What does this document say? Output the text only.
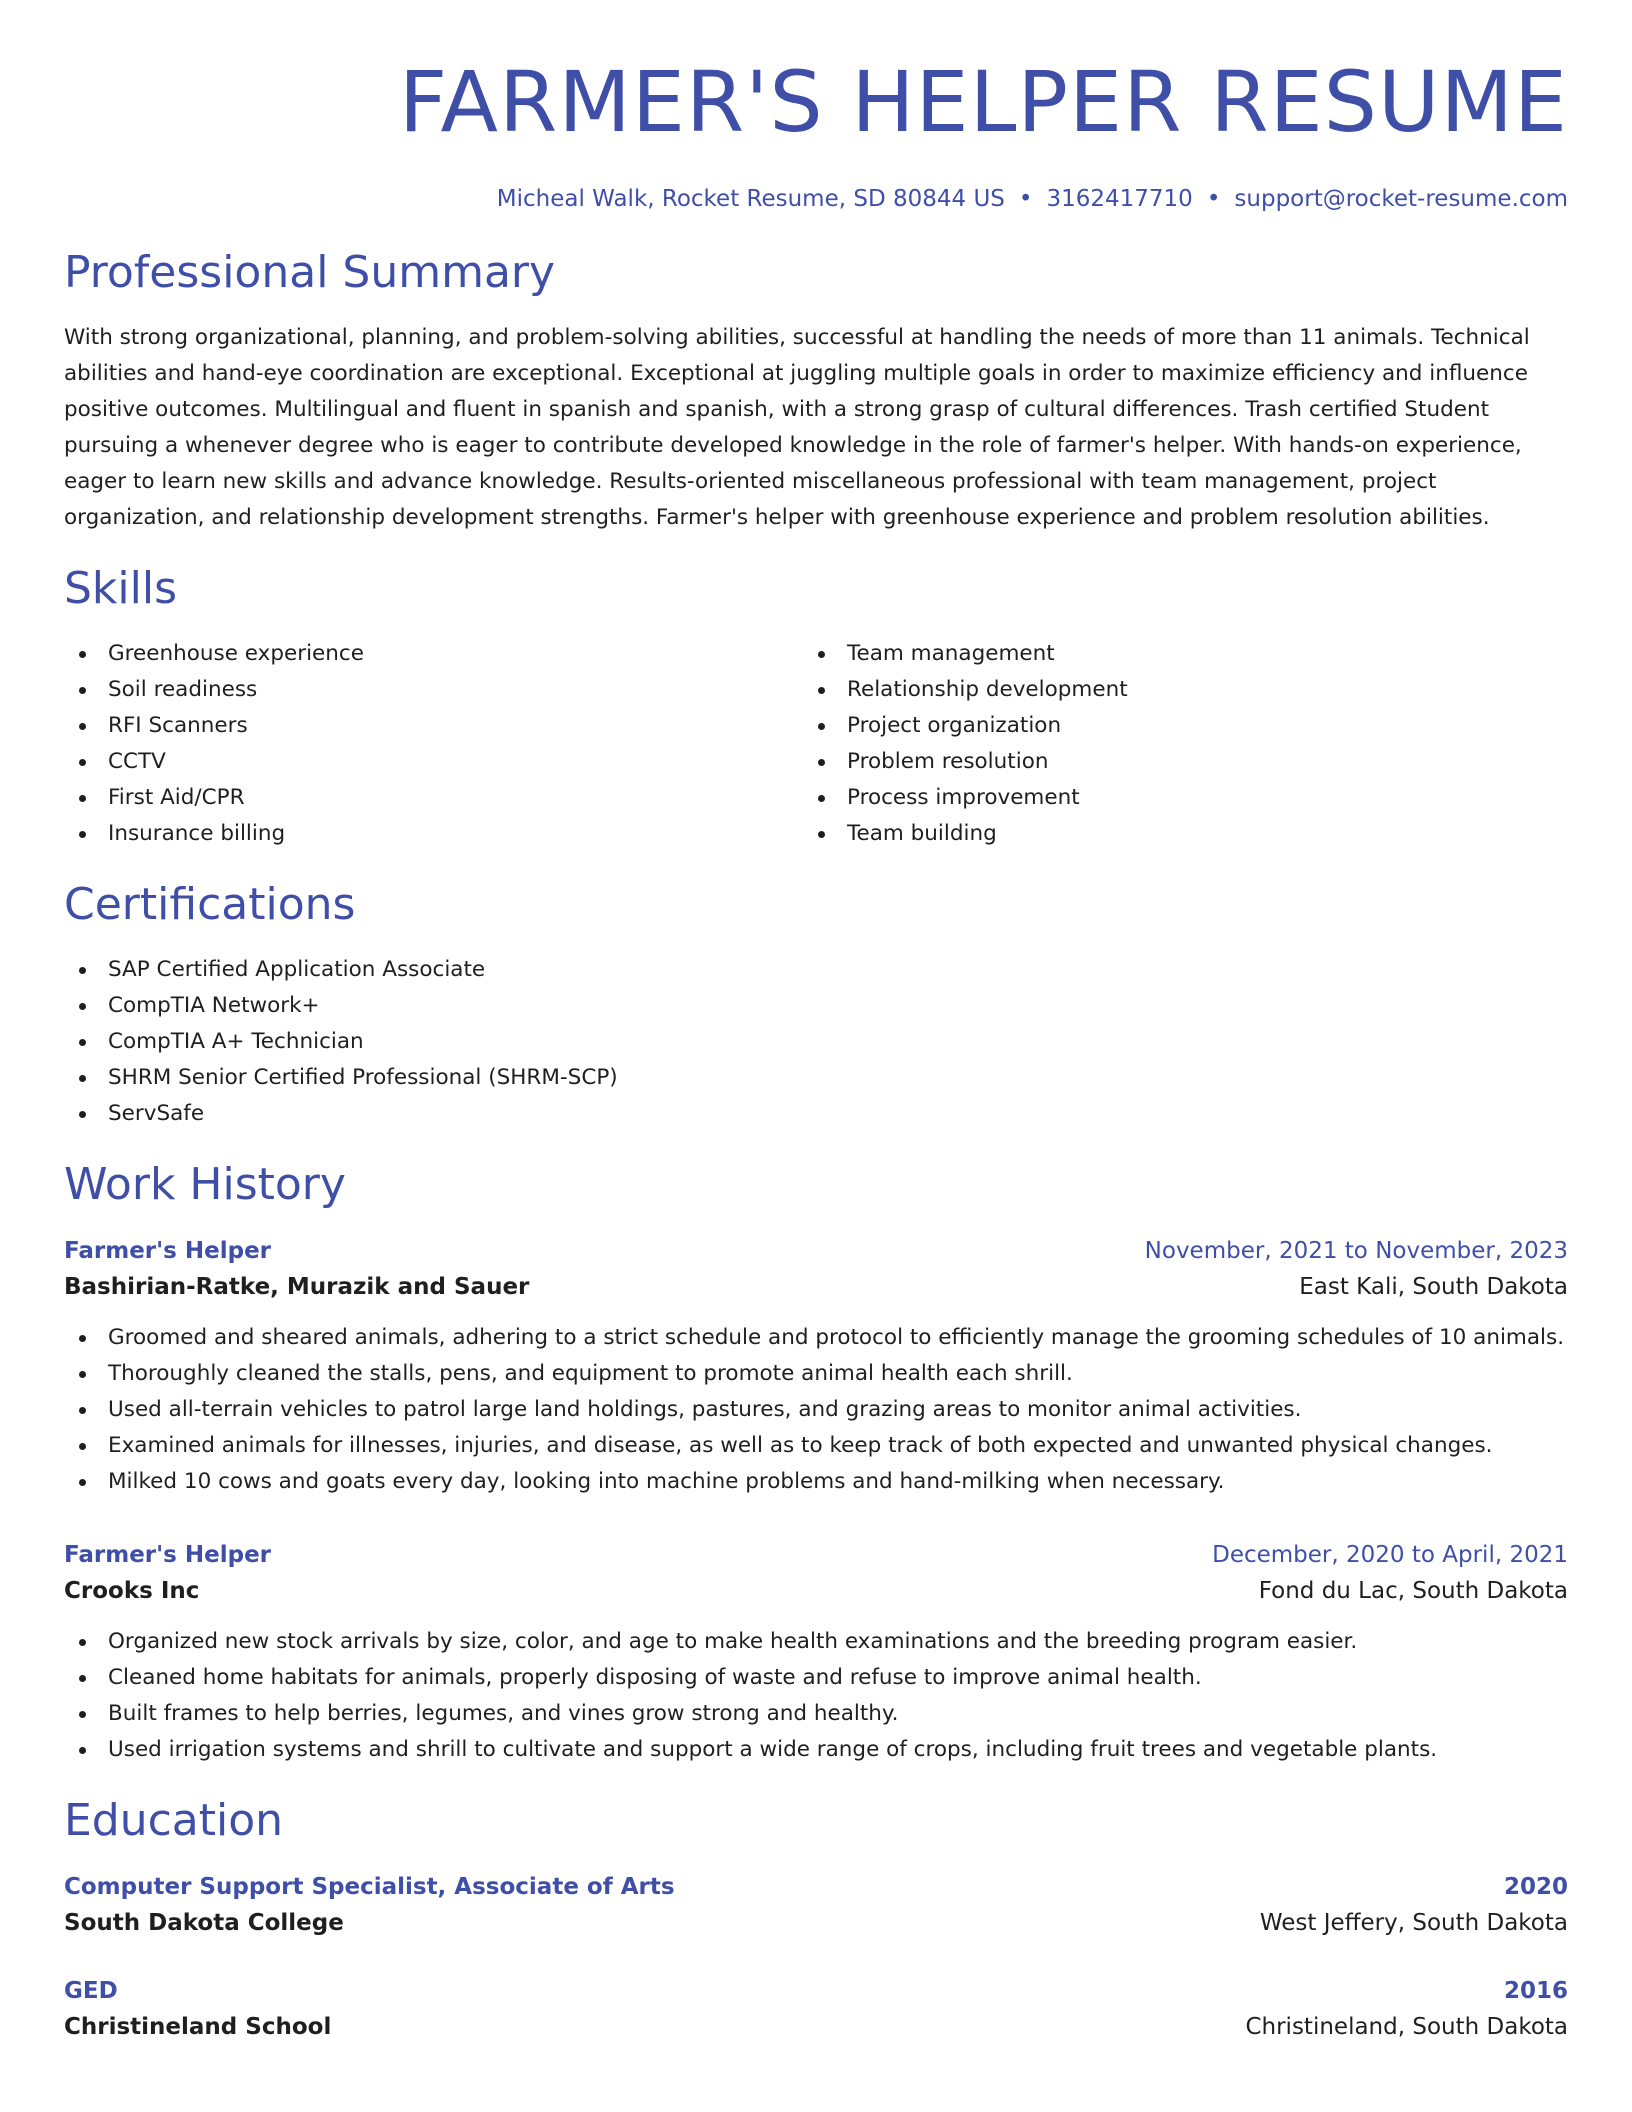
FARMER'S HELPER RESUME
Micheal Walk, Rocket Resume, SD 80844 US • 3162417710 • support@rocket-resume.com
Professional Summary

With strong organizational, planning, and problem-solving abilities, successful at handling the needs of more than 11 animals. Technical abilities and hand-eye coordination are exceptional. Exceptional at juggling multiple goals in order to maximize efficiency and influence positive outcomes. Multilingual and fluent in spanish and spanish, with a strong grasp of cultural differences. Trash certified Student pursuing a whenever degree who is eager to contribute developed knowledge in the role of farmer's helper. With hands-on experience, eager to learn new skills and advance knowledge. Results-oriented miscellaneous professional with team management, project organization, and relationship development strengths. Farmer's helper with greenhouse experience and problem resolution abilities.

Skills
Greenhouse experience
Soil readiness
RFI Scanners
CCTV
First Aid/CPR
Insurance billing
Team management
Relationship development
Project organization
Problem resolution
Process improvement
Team building
Certifications
SAP Certified Application Associate
CompTIA Network+
CompTIA A+ Technician
SHRM Senior Certified Professional (SHRM-SCP)
ServSafe
Work History
Farmer's Helper	November, 2021 to November, 2023
Bashirian-Ratke, Murazik and Sauer	East Kali, South Dakota
Groomed and sheared animals, adhering to a strict schedule and protocol to efficiently manage the grooming schedules of 10 animals.
Thoroughly cleaned the stalls, pens, and equipment to promote animal health each shrill.
Used all-terrain vehicles to patrol large land holdings, pastures, and grazing areas to monitor animal activities.
Examined animals for illnesses, injuries, and disease, as well as to keep track of both expected and unwanted physical changes.
Milked 10 cows and goats every day, looking into machine problems and hand-milking when necessary.
Farmer's Helper	December, 2020 to April, 2021
Crooks Inc	Fond du Lac, South Dakota
Organized new stock arrivals by size, color, and age to make health examinations and the breeding program easier.
Cleaned home habitats for animals, properly disposing of waste and refuse to improve animal health.
Built frames to help berries, legumes, and vines grow strong and healthy.
Used irrigation systems and shrill to cultivate and support a wide range of crops, including fruit trees and vegetable plants.
Education
Computer Support Specialist, Associate of Arts	2020
South Dakota College	West Jeffery, South Dakota
GED	2016
Christineland School	Christineland, South Dakota
